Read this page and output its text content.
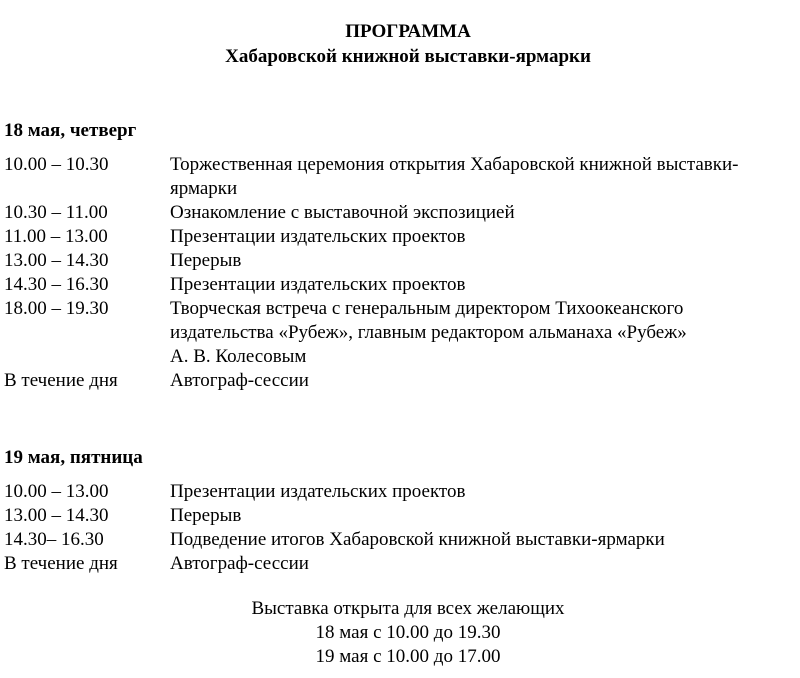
ПРОГРАММА
Хабаровской книжной выставки-ярмарки
18 мая, четверг
10.00 – 10.30	Торжественная церемония открытия Хабаровской книжной выставки-
ярмарки
10.30 – 11.00	Ознакомление с выставочной экспозицией
11.00 – 13.00	Презентации издательских проектов
13.00 – 14.30	Перерыв
14.30 – 16.30	Презентации издательских проектов
18.00 – 19.30	Творческая встреча с генеральным директором Тихоокеанского
издательства «Рубеж», главным редактором альманаха «Рубеж»
А. В. Колесовым
В течение дня	Автограф-сессии
19 мая, пятница
10.00 – 13.00	Презентации издательских проектов
13.00 – 14.30	Перерыв
14.30– 16.30	Подведение итогов Хабаровской книжной выставки-ярмарки
В течение дня	Автограф-сессии
Выставка открыта для всех желающих
18 мая с 10.00 до 19.30
19 мая с 10.00 до 17.00
